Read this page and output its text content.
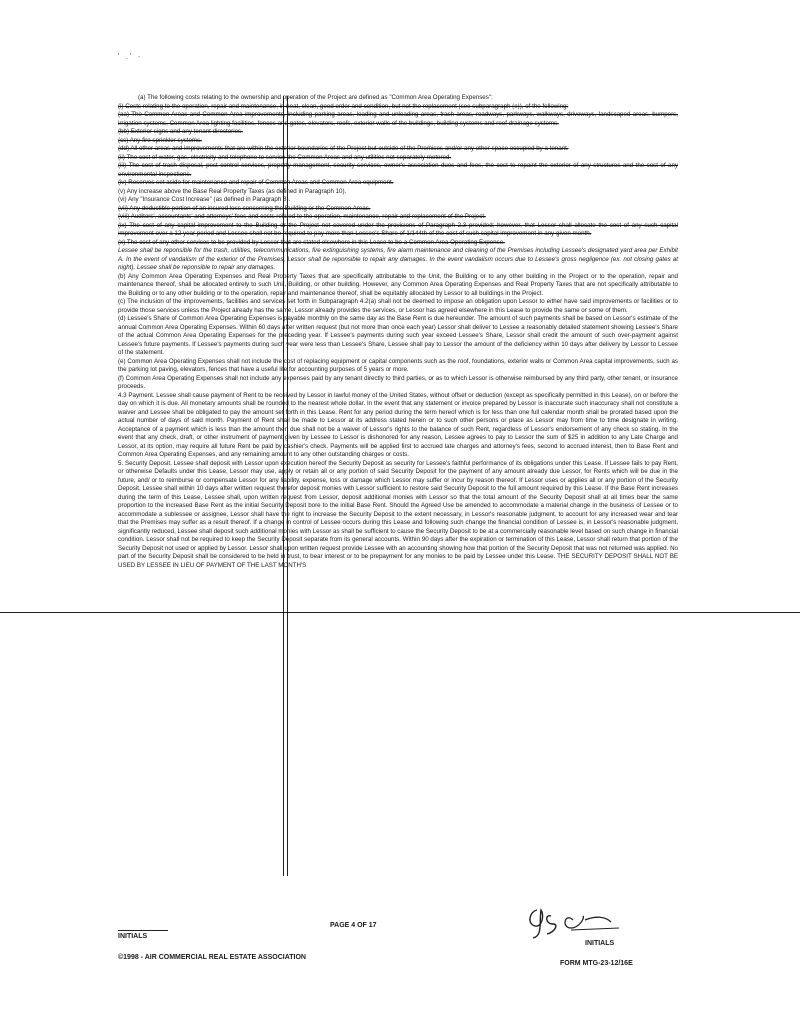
' .' ·

(a) The following costs relating to the ownership and operation of the Project are defined as "Common Area Operating Expenses":

(i) Costs relating to the operation, repair and maintenance, in neat, clean, good order and condition, but not the replacement (see subparagraph (e)), of the following:

(aa) The Common Areas and Common Area improvements, including parking areas, loading and unloading areas, trash areas, roadways, parkways, walkways, driveways, landscaped areas, bumpers, irrigation systems, Common Area lighting facilities, fences and gates, elevators, roofs, exterior walls of the buildings, building systems and roof drainage systems.

(bb) Exterior signs and any tenant directories.

(cc) Any fire sprinkler systems.

(dd) All other areas and improvements that are within the exterior boundaries of the Project but outside of the Premises and/or any other space occupied by a tenant.

(ii) The cost of water, gas, electricity and telephone to service the Common Areas and any utilities not separately metered.

(iii) The cost of trash disposal, pest control services, property management, security services, owner's association dues and fees, the cost to repaint the exterior of any structures and the cost of any environmental inspections.

(iv) Reserves set aside for maintenance and repair of Common Areas and Common Area equipment.

(v) Any increase above the Base Real Property Taxes (as defined in Paragraph 10).

(vi) Any "Insurance Cost Increase" (as defined in Paragraph 8).

(vii) Any deductible portion of an insured loss concerning the Building or the Common Areas.

(viii) Auditors', accountants' and attorneys' fees and costs related to the operation, maintenance, repair and replacement of the Project.

(ix) The cost of any capital improvement to the Building or the Project not covered under the provisions of Paragraph 2.3 provided; however, that Lessor shall allocate the cost of any such capital improvement over a 12 year period and Lessee shall not be required to pay more than Lessee's Share of 1/144th of the cost of such capital improvement in any given month.

(x) The cost of any other services to be provided by Lessor that are stated elsewhere in this Lease to be a Common Area Operating Expense.

Lessee shall be reponsible for the trash, utilities, telecommunications, fire extinguishing systems, fire alarm maintenance and cleaning of the Premises including Lessee's designated yard area per Exhibit A. In the event of vandalism of the exterior of the Premises, Lessor shall be reponsible to repair any damages. In the event vandalism occurs due to Lessee's gross negligence (ex. not closing gates at night), Lessee shall be reponsible to repair any damages.

(b) Any Common Area Operating Expenses and Real Property Taxes that are specifically attributable to the Unit, the Building or to any other building in the Project or to the operation, repair and maintenance thereof, shall be allocated entirely to such Unit, Building, or other building. However, any Common Area Operating Expenses and Real Property Taxes that are not specifically attributable to the Building or to any other building or to the operation, repair and maintenance thereof, shall be equitably allocated by Lessor to all buildings in the Project.

(c) The inclusion of the improvements, facilities and services set forth in Subparagraph 4.2(a) shall not be deemed to impose an obligation upon Lessor to either have said improvements or facilities or to provide those services unless the Project already has the same, Lessor already provides the services, or Lessor has agreed elsewhere in this Lease to provide the same or some of them.

(d) Lessee's Share of Common Area Operating Expenses is payable monthly on the same day as the Base Rent is due hereunder. The amount of such payments shall be based on Lessor's estimate of the annual Common Area Operating Expenses. Within 60 days after written request (but not more than once each year) Lessor shall deliver to Lessee a reasonably detailed statement showing Lessee's Share of the actual Common Area Operating Expenses for the preceding year. If Lessee's payments during such year exceed Lessee's Share, Lessor shall credit the amount of such over-payment against Lessee's future payments. If Lessee's payments during such year were less than Lessee's Share, Lessee shall pay to Lessor the amount of the deficiency within 10 days after delivery by Lessor to Lessee of the statement.

(e) Common Area Operating Expenses shall not include the cost of replacing equipment or capital components such as the roof, foundations, exterior walls or Common Area capital improvements, such as the parking lot paving, elevators, fences that have a useful life for accounting purposes of 5 years or more.

(f) Common Area Operating Expenses shall not include any expenses paid by any tenant directly to third parties, or as to which Lessor is otherwise reimbursed by any third party, other tenant, or insurance proceeds.

4.3 Payment. Lessee shall cause payment of Rent to be received by Lessor in lawful money of the United States, without offset or deduction (except as specifically permitted in this Lease), on or before the day on which it is due. All monetary amounts shall be rounded to the nearest whole dollar. In the event that any statement or invoice prepared by Lessor is inaccurate such inaccuracy shall not constitute a waiver and Lessee shall be obligated to pay the amount set forth in this Lease. Rent for any period during the term hereof which is for less than one full calendar month shall be prorated based upon the actual number of days of said month. Payment of Rent shall be made to Lessor at its address stated herein or to such other persons or place as Lessor may from time to time designate in writing. Acceptance of a payment which is less than the amount then due shall not be a waiver of Lessor's rights to the balance of such Rent, regardless of Lessor's endorsement of any check so stating. In the event that any check, draft, or other instrument of payment given by Lessee to Lessor is dishonored for any reason, Lessee agrees to pay to Lessor the sum of $25 in addition to any Late Charge and Lessor, at its option, may require all future Rent be paid by cashier's check. Payments will be applied first to accrued late charges and attorney's fees, second to accrued interest, then to Base Rent and Common Area Operating Expenses, and any remaining amount to any other outstanding charges or costs.

5. Security Deposit. Lessee shall deposit with Lessor upon execution hereof the Security Deposit as security for Lessee's faithful performance of its obligations under this Lease. If Lessee fails to pay Rent, or otherwise Defaults under this Lease, Lessor may use, apply or retain all or any portion of said Security Deposit for the payment of any amount already due Lessor, for Rents which will be due in the future, and/ or to reimburse or compensate Lessor for any liability, expense, loss or damage which Lessor may suffer or incur by reason thereof. If Lessor uses or applies all or any portion of the Security Deposit, Lessee shall within 10 days after written request therefor deposit monies with Lessor sufficient to restore said Security Deposit to the full amount required by this Lease. If the Base Rent increases during the term of this Lease, Lessee shall, upon written request from Lessor, deposit additional monies with Lessor so that the total amount of the Security Deposit shall at all times bear the same proportion to the increased Base Rent as the initial Security Deposit bore to the initial Base Rent. Should the Agreed Use be amended to accommodate a material change in the business of Lessee or to accommodate a sublessee or assignee, Lessor shall have the right to increase the Security Deposit to the extent necessary, in Lessor's reasonable judgment, to account for any increased wear and tear that the Premises may suffer as a result thereof. If a change in control of Lessee occurs during this Lease and following such change the financial condition of Lessee is, in Lessor's reasonable judgment, significantly reduced, Lessee shall deposit such additional monies with Lessor as shall be sufficient to cause the Security Deposit to be at a commercially reasonable level based on such change in financial condition. Lessor shall not be required to keep the Security Deposit separate from its general accounts. Within 90 days after the expiration or termination of this Lease, Lessor shall return that portion of the Security Deposit not used or applied by Lessor. Lessor shall upon written request provide Lessee with an accounting showing how that portion of the Security Deposit that was not returned was applied. No part of the Security Deposit shall be considered to be held in trust, to bear interest or to be prepayment for any monies to be paid by Lessee under this Lease. THE SECURITY DEPOSIT SHALL NOT BE USED BY LESSEE IN LIEU OF PAYMENT OF THE LAST MONTH'S

INITIALS
PAGE 4 OF 17
INITIALS
©1998 - AIR COMMERCIAL REAL ESTATE ASSOCIATION
FORM MTG-23-12/16E
